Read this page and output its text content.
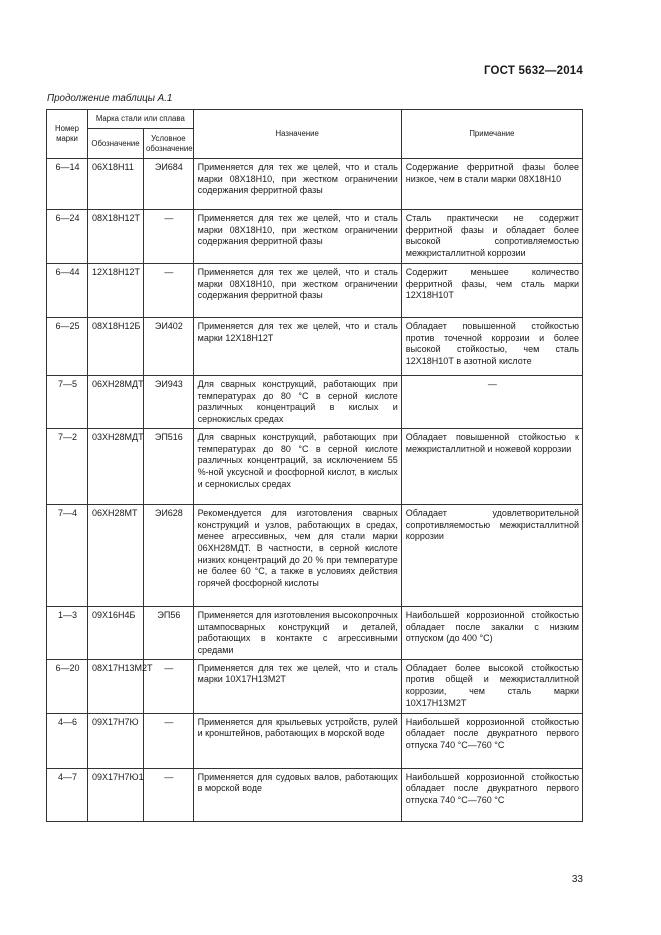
ГОСТ 5632—2014
Продолжение таблицы А.1
Номер марки	Марка стали или сплава		Назначение	Примечание
	Обозначение	Условное обозначение		
6—14	06Х18Н11	ЭИ684	Применяется для тех же целей, что и сталь марки 08Х18Н10, при жестком ограничении содержания ферритной фазы	Содержание ферритной фазы более низкое, чем в стали марки 08Х18Н10
6—24	08Х18Н12Т	—	Применяется для тех же целей, что и сталь марки 08Х18Н10, при жестком ограничении содержания ферритной фазы	Сталь практически не содержит ферритной фазы и обладает более высокой сопротивляемостью межкристаллитной коррозии
6—44	12Х18Н12Т	—	Применяется для тех же целей, что и сталь марки 08Х18Н10, при жестком ограничении содержания ферритной фазы	Содержит меньшее количество ферритной фазы, чем сталь марки 12Х18Н10Т
6—25	08Х18Н12Б	ЭИ402	Применяется для тех же целей, что и сталь марки 12Х18Н12Т	Обладает повышенной стойкостью против точечной коррозии и более высокой стойкостью, чем сталь 12Х18Н10Т в азотной кислоте
7—5	06ХН28МДТ	ЭИ943	Для сварных конструкций, работающих при температурах до 80 °С в серной кислоте различных концентраций в кислых и сернокислых средах	—
7—2	03ХН28МДТ	ЭП516	Для сварных конструкций, работающих при температурах до 80 °С в серной кислоте различных концентраций, за исключением 55 %-ной уксусной и фосфорной кислот, в кислых и сернокислых средах	Обладает повышенной стойкостью к межкристаллитной и ножевой коррозии
7—4	06ХН28МТ	ЭИ628	Рекомендуется для изготовления сварных конструкций и узлов, работающих в средах, менее агрессивных, чем для стали марки 06ХН28МДТ. В частности, в серной кислоте низких концентраций до 20 % при температуре не более 60 °С, а также в условиях действия горячей фосфорной кислоты	Обладает удовлетворительной сопротивляемостью межкристаллитной коррозии
1—3	09Х16Н4Б	ЭП56	Применяется для изготовления высокопрочных штампосварных конструкций и деталей, работающих в контакте с агрессивными средами	Наибольшей коррозионной стойкостью обладает после закалки с низким отпуском (до 400 °С)
6—20	08Х17Н13М2Т	—	Применяется для тех же целей, что и сталь марки 10Х17Н13М2Т	Обладает более высокой стойкостью против общей и межкристаллитной коррозии, чем сталь марки 10Х17Н13М2Т
4—6	09Х17Н7Ю	—	Применяется для крыльевых устройств, рулей и кронштейнов, работающих в морской воде	Наибольшей коррозионной стойкостью обладает после двукратного первого отпуска 740 °С—760 °С
4—7	09Х17Н7Ю1	—	Применяется для судовых валов, работающих в морской воде	Наибольшей коррозионной стойкостью обладает после двукратного первого отпуска 740 °С—760 °С
33
